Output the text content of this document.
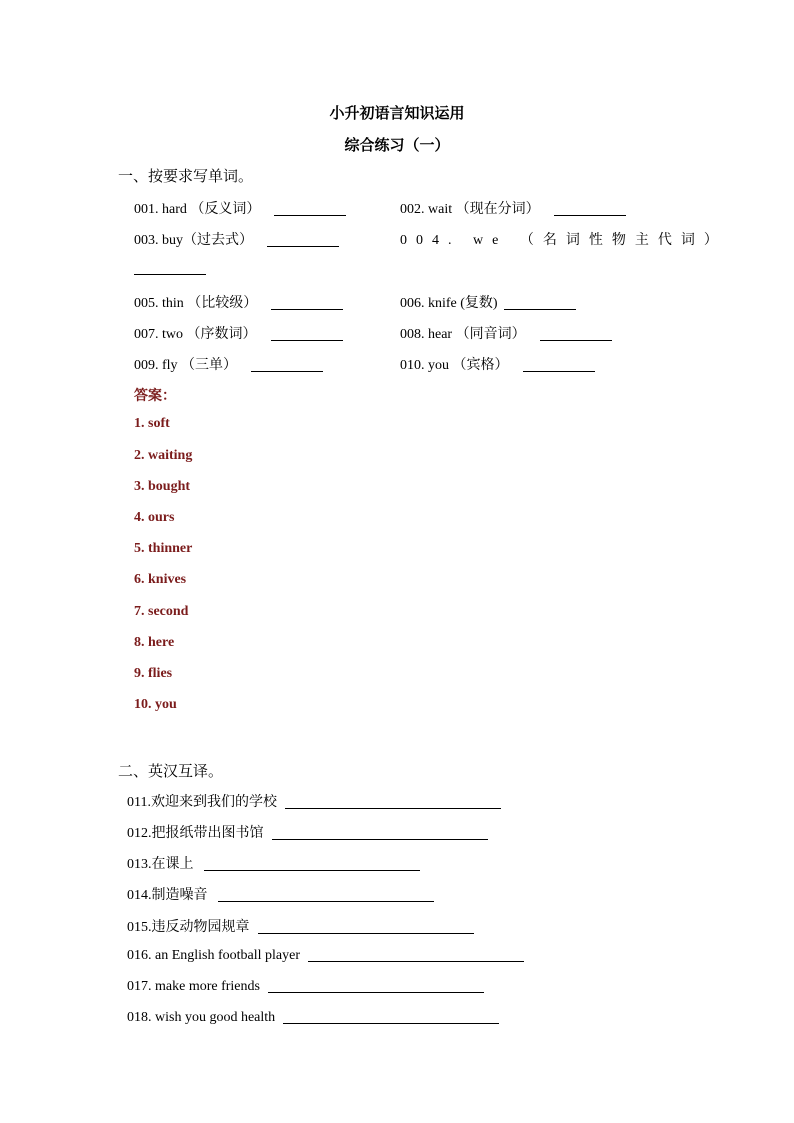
小升初语言知识运用
综合练习（一）
一、按要求写单词。
001. hard （反义词）	002. wait （现在分词）
003. buy（过去式）	004. we （名词性物主代词）
005. thin （比较级）	006. knife (复数)
007. two （序数词）	008. hear （同音词）
009. fly （三单）	010. you （宾格）
答案：
1. soft
2. waiting
3. bought
4. ours
5. thinner
6. knives
7. second
8. here
9. flies
10. you
二、英汉互译。
011.欢迎来到我们的学校
012.把报纸带出图书馆
013.在课上
014.制造噪音
015.违反动物园规章
016. an English football player
017. make more friends
018. wish you good health
